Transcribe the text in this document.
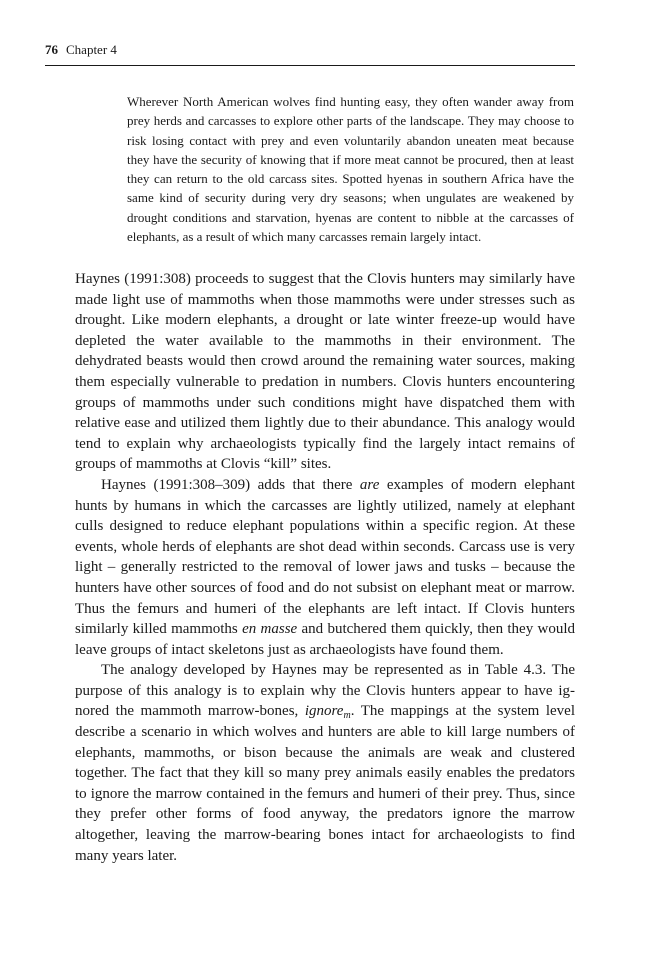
76 Chapter 4
Wherever North American wolves find hunting easy, they often wander away from prey herds and carcasses to explore other parts of the landscape. They may choose to risk losing contact with prey and even voluntarily abandon uneaten meat because they have the security of knowing that if more meat cannot be procured, then at least they can return to the old carcass sites. Spotted hyenas in southern Africa have the same kind of security during very dry seasons; when ungulates are weakened by drought conditions and starvation, hyenas are content to nibble at the carcasses of elephants, as a result of which many carcasses remain largely intact.

Haynes (1991:308) proceeds to suggest that the Clovis hunters may similarly have made light use of mammoths when those mammoths were under stresses such as drought. Like modern elephants, a drought or late winter freeze-up would have depleted the water available to the mammoths in their environment. The dehydrated beasts would then crowd around the remaining water sources, making them especially vulnerable to predation in numbers. Clovis hunters encountering groups of mammoths under such conditions might have dispatched them with relative ease and utilized them lightly due to their abundance. This analogy would tend to explain why archaeologists typically find the largely intact remains of groups of mammoths at Clovis “kill” sites.

Haynes (1991:308–309) adds that there are examples of modern elephant hunts by humans in which the carcasses are lightly utilized, namely at elephant culls designed to reduce elephant populations within a specific region. At these events, whole herds of elephants are shot dead within seconds. Carcass use is very light – generally restricted to the removal of lower jaws and tusks – because the hunters have other sources of food and do not subsist on elephant meat or marrow. Thus the femurs and humeri of the elephants are left intact. If Clovis hunters similarly killed mammoths en masse and butchered them quickly, then they would leave groups of intact skeletons just as archaeologists have found them.

The analogy developed by Haynes may be represented as in Table 4.3. The purpose of this analogy is to explain why the Clovis hunters appear to have ignored the mammoth marrow-bones, ignore$_m$. The mappings at the system level describe a scenario in which wolves and hunters are able to kill large numbers of elephants, mammoths, or bison because the animals are weak and clustered together. The fact that they kill so many prey animals easily enables the predators to ignore the marrow contained in the femurs and humeri of their prey. Thus, since they prefer other forms of food anyway, the predators ignore the marrow altogether, leaving the marrow-bearing bones intact for archaeologists to find many years later.
